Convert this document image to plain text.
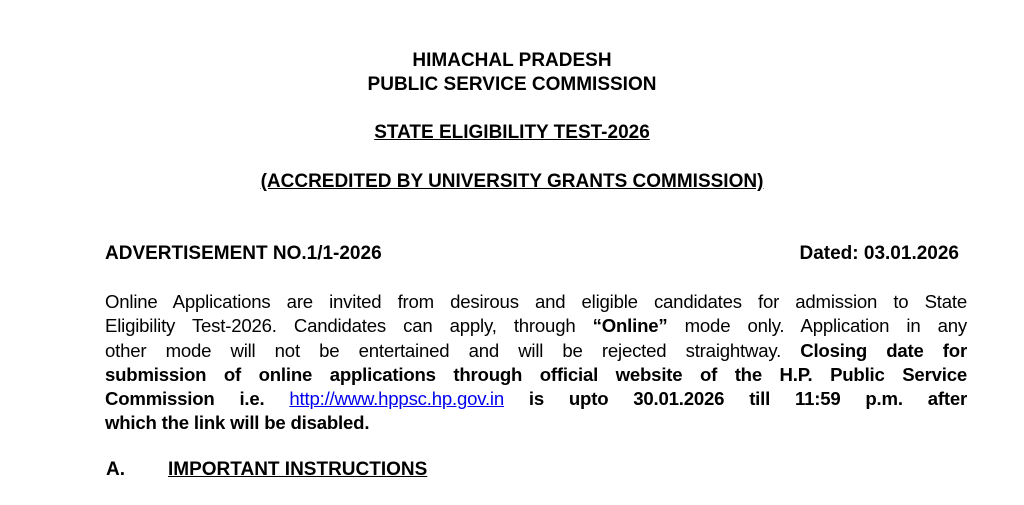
HIMACHAL PRADESH
PUBLIC SERVICE COMMISSION
STATE ELIGIBILITY TEST-2026
(ACCREDITED BY UNIVERSITY GRANTS COMMISSION)
ADVERTISEMENT NO.1/1-2026	Dated: 03.01.2026
Online Applications are invited from desirous and eligible candidates for admission to State
Eligibility Test-2026. Candidates can apply, through “Online” mode only. Application in any
other mode will not be entertained and will be rejected straightway. Closing date for
submission of online applications through official website of the H.P. Public Service
Commission i.e. http://www.hppsc.hp.gov.in is upto 30.01.2026 till 11:59 p.m. after
which the link will be disabled.
A. IMPORTANT INSTRUCTIONS
